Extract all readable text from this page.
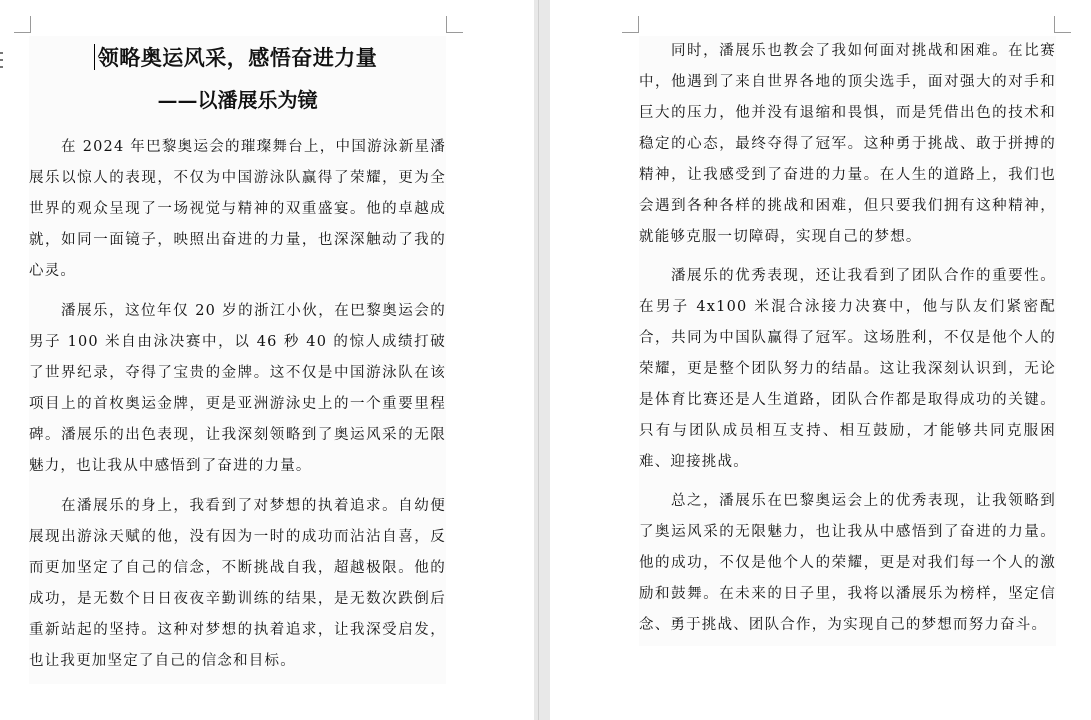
领略奥运风采，感悟奋进力量
——以潘展乐为镜

在 2024 年巴黎奥运会的璀璨舞台上，中国游泳新星潘展乐以惊人的表现，不仅为中国游泳队赢得了荣耀，更为全世界的观众呈现了一场视觉与精神的双重盛宴。他的卓越成就，如同一面镜子，映照出奋进的力量，也深深触动了我的心灵。

潘展乐，这位年仅 20 岁的浙江小伙，在巴黎奥运会的男子 100 米自由泳决赛中，以 46 秒 40 的惊人成绩打破了世界纪录，夺得了宝贵的金牌。这不仅是中国游泳队在该项目上的首枚奥运金牌，更是亚洲游泳史上的一个重要里程碑。潘展乐的出色表现，让我深刻领略到了奥运风采的无限魅力，也让我从中感悟到了奋进的力量。

在潘展乐的身上，我看到了对梦想的执着追求。自幼便展现出游泳天赋的他，没有因为一时的成功而沾沾自喜，反而更加坚定了自己的信念，不断挑战自我，超越极限。他的成功，是无数个日日夜夜辛勤训练的结果，是无数次跌倒后重新站起的坚持。这种对梦想的执着追求，让我深受启发，也让我更加坚定了自己的信念和目标。

同时，潘展乐也教会了我如何面对挑战和困难。在比赛中，他遇到了来自世界各地的顶尖选手，面对强大的对手和巨大的压力，他并没有退缩和畏惧，而是凭借出色的技术和稳定的心态，最终夺得了冠军。这种勇于挑战、敢于拼搏的精神，让我感受到了奋进的力量。在人生的道路上，我们也会遇到各种各样的挑战和困难，但只要我们拥有这种精神，就能够克服一切障碍，实现自己的梦想。

潘展乐的优秀表现，还让我看到了团队合作的重要性。在男子 4x100 米混合泳接力决赛中，他与队友们紧密配合，共同为中国队赢得了冠军。这场胜利，不仅是他个人的荣耀，更是整个团队努力的结晶。这让我深刻认识到，无论是体育比赛还是人生道路，团队合作都是取得成功的关键。只有与团队成员相互支持、相互鼓励，才能够共同克服困难、迎接挑战。

总之，潘展乐在巴黎奥运会上的优秀表现，让我领略到了奥运风采的无限魅力，也让我从中感悟到了奋进的力量。他的成功，不仅是他个人的荣耀，更是对我们每一个人的激励和鼓舞。在未来的日子里，我将以潘展乐为榜样，坚定信念、勇于挑战、团队合作，为实现自己的梦想而努力奋斗。
